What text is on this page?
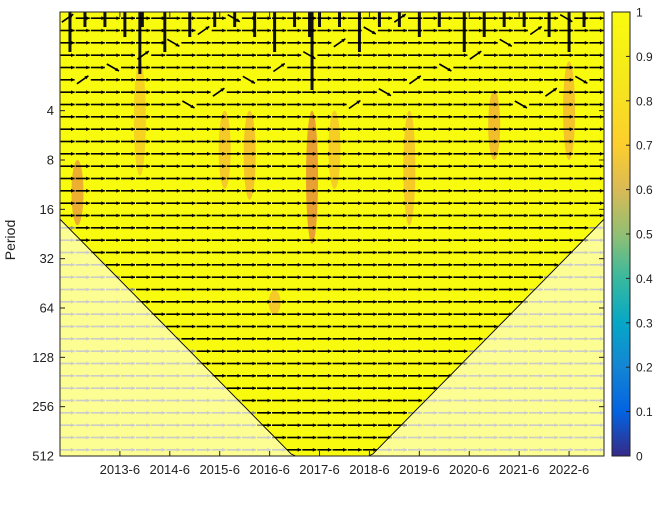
4
8
16
32
64
128
256
512
2013-6 2014-6 2015-6 2016-6 2017-6 2018-6 2019-6 2020-6 2021-6 2022-6
Period
0
0.1
0.2
0.3
0.4
0.5
0.6
0.7
0.8
0.9
1
